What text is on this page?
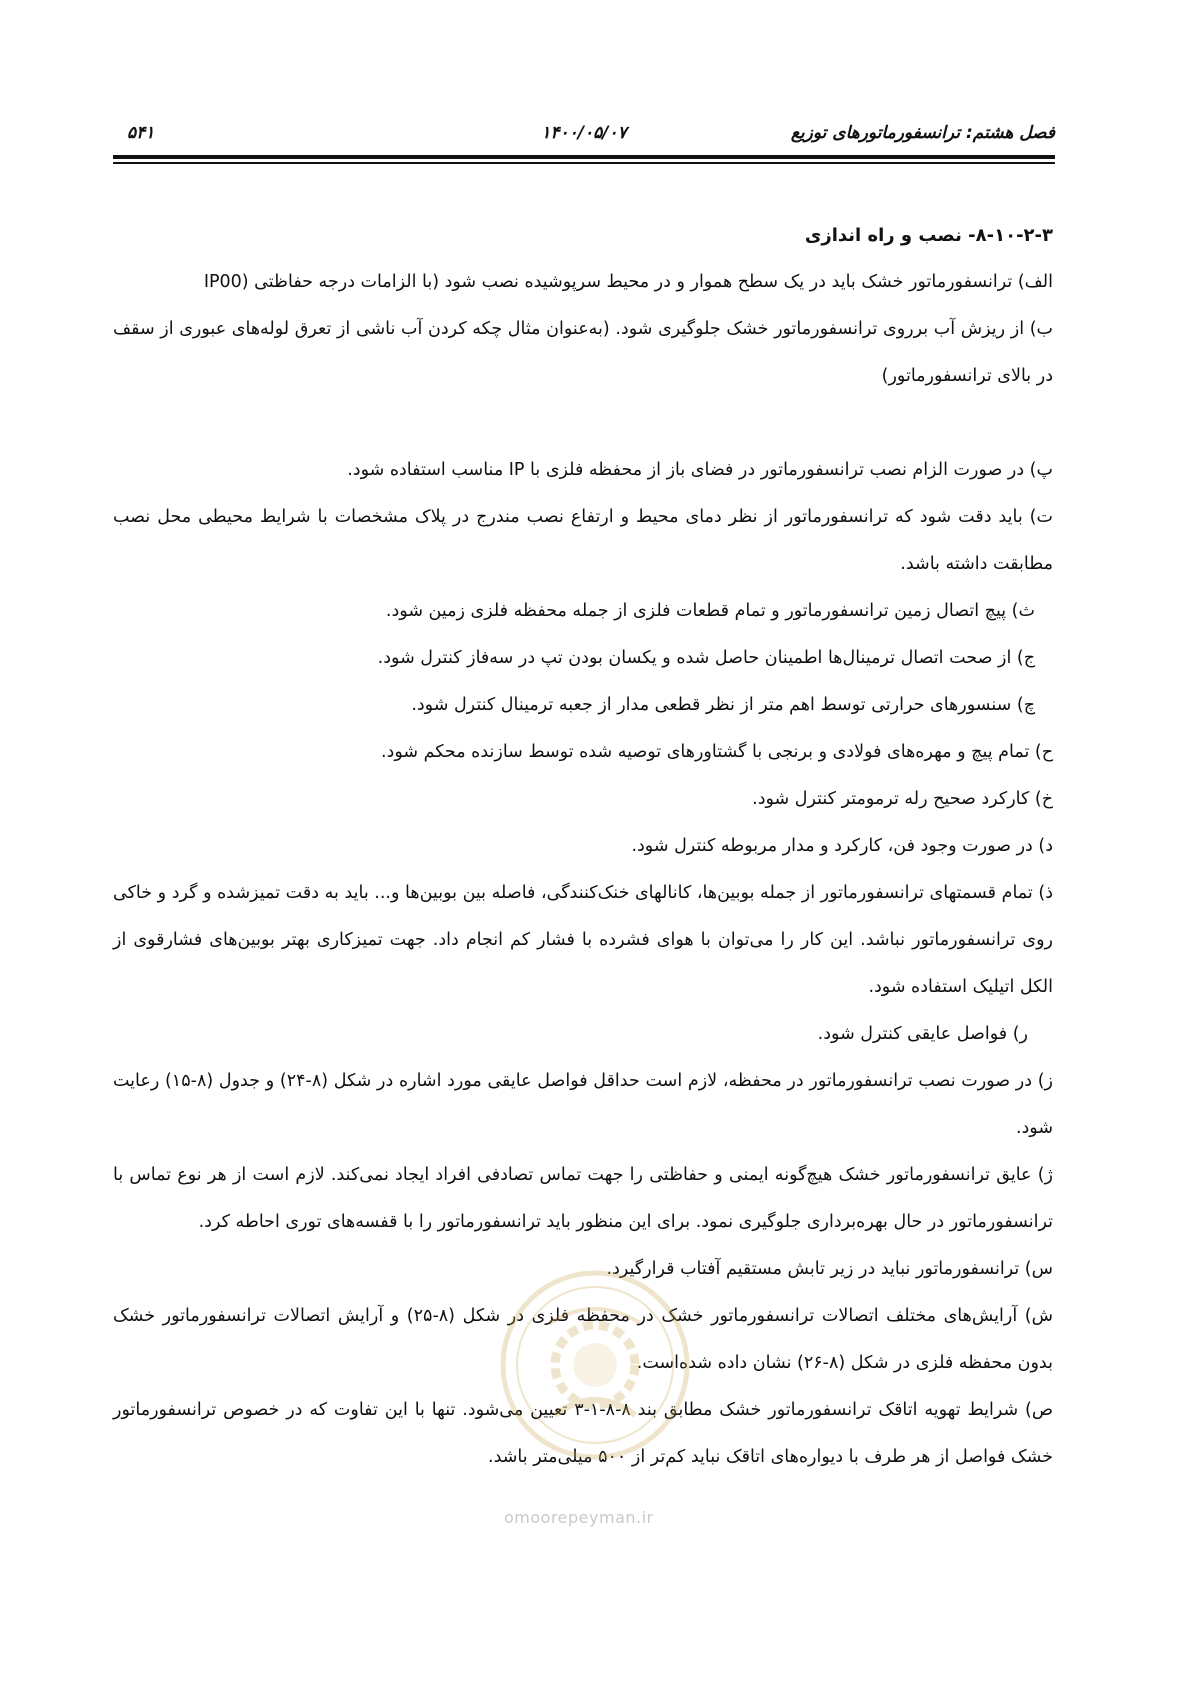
فصل هشتم: ترانسفورماتورهای توزیع
۱۴۰۰/۰۵/۰۷
۵۴۱

۸-۱۰-۲-۳- نصب و راه اندازی

الف) ترانسفورماتور خشک باید در یک سطح هموار و در محیط سرپوشیده نصب شود (با الزامات درجه حفاظتی (IP00

ب) از ریزش آب برروی ترانسفورماتور خشک جلوگیری شود. (به‌عنوان مثال چکه کردن آب ناشی از تعرق لوله‌های عبوری از سقف در بالای ترانسفورماتور)

پ) در صورت الزام نصب ترانسفورماتور در فضای باز از محفظه فلزی با IP مناسب استفاده شود.

ت) باید دقت شود که ترانسفورماتور از نظر دمای محیط و ارتفاع نصب مندرج در پلاک مشخصات با شرایط محیطی محل نصب مطابقت داشته باشد.

ث) پیچ اتصال زمین ترانسفورماتور و تمام قطعات فلزی از جمله محفظه فلزی زمین شود.

ج) از صحت اتصال ترمینال‌ها اطمینان حاصل شده و یکسان بودن تپ در سه‌فاز کنترل شود.

چ) سنسورهای حرارتی توسط اهم متر از نظر قطعی مدار از جعبه ترمینال کنترل شود.

ح) تمام پیچ و مهره‌های فولادی و برنجی با گشتاورهای توصیه شده توسط سازنده محکم شود.

خ) کارکرد صحیح رله ترمومتر کنترل شود.

د) در صورت وجود فن، کارکرد و مدار مربوطه کنترل شود.

ذ) تمام قسمتهای ترانسفورماتور از جمله بوبین‌ها، کانالهای خنک‌کنندگی، فاصله بین بوبین‌ها و... باید به دقت تمیزشده و گرد و خاکی روی ترانسفورماتور نباشد. این کار را می‌توان با هوای فشرده با فشار کم انجام داد. جهت تمیزکاری بهتر بوبین‌های فشارقوی از الکل اتیلیک استفاده شود.

ر) فواصل عایقی کنترل شود.

ز) در صورت نصب ترانسفورماتور در محفظه، لازم است حداقل فواصل عایقی مورد اشاره در شکل (۸-۲۴) و جدول (۸-۱۵) رعایت شود.

ژ) عایق ترانسفورماتور خشک هیچ‌گونه ایمنی و حفاظتی را جهت تماس تصادفی افراد ایجاد نمی‌کند. لازم است از هر نوع تماس با ترانسفورماتور در حال بهره‌برداری جلوگیری نمود. برای این منظور باید ترانسفورماتور را با قفسه‌های توری احاطه کرد.

س) ترانسفورماتور نباید در زیر تابش مستقیم آفتاب قرارگیرد.

ش) آرایش‌های مختلف اتصالات ترانسفورماتور خشک در محفظه فلزی در شکل (۸-۲۵) و آرایش اتصالات ترانسفورماتور خشک بدون محفظه فلزی در شکل (۸-۲۶) نشان داده شده‌است.

ص) شرایط تهویه اتاقک ترانسفورماتور خشک مطابق بند ۸-۸-۱-۳ تعیین می‌شود. تنها با این تفاوت که در خصوص ترانسفورماتور خشک فواصل از هر طرف با دیواره‌های اتاقک نباید کم‌تر از ۵۰۰ میلی‌متر باشد.

omoorepeyman.ir
